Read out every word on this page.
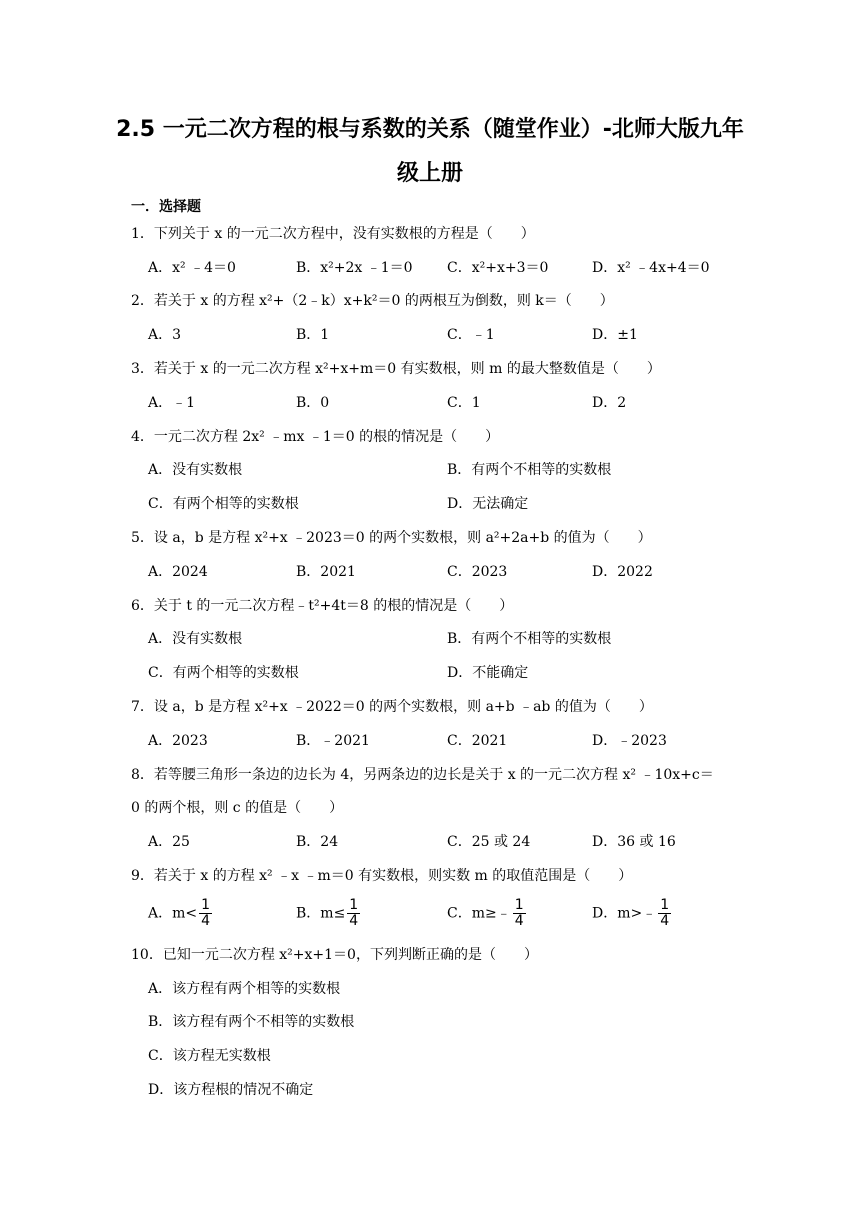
2.5 一元二次方程的根与系数的关系（随堂作业）-北师大版九年
级上册
一．选择题
1．下列关于 x 的一元二次方程中，没有实数根的方程是（　　）
A．x² ﹣4＝0	B．x²+2x ﹣1＝0 C．x²+x+3＝0	D．x² ﹣4x+4＝0
2．若关于 x 的方程 x²+（2﹣k）x+k²＝0 的两根互为倒数，则 k＝（　　）
A．3	B．1	C．﹣1	D．±1
3．若关于 x 的一元二次方程 x²+x+m＝0 有实数根，则 m 的最大整数值是（　　）
A．﹣1	B．0	C．1	D．2
4．一元二次方程 2x² ﹣mx ﹣1＝0 的根的情况是（　　）
A．没有实数根	B．有两个不相等的实数根
C．有两个相等的实数根	D．无法确定
5．设 a，b 是方程 x²+x ﹣2023＝0 的两个实数根，则 a²+2a+b 的值为（　　）
A．2024	B．2021	C．2023	D．2022
6．关于 t 的一元二次方程﹣t²+4t＝8 的根的情况是（　　）
A．没有实数根	B．有两个不相等的实数根
C．有两个相等的实数根	D．不能确定
7．设 a，b 是方程 x²+x ﹣2022＝0 的两个实数根，则 a+b ﹣ab 的值为（　　）
A．2023	B．﹣2021	C．2021	D．﹣2023
8．若等腰三角形一条边的边长为 4，另两条边的边长是关于 x 的一元二次方程 x² ﹣10x+c＝
0 的两个根，则 c 的值是（　　）
A．25	B．24	C．25 或 24	D．36 或 16
9．若关于 x 的方程 x² ﹣x ﹣m＝0 有实数根，则实数 m 的取值范围是（　　）
A．$m< \frac{1}{4}$	B．$m\le \frac{1}{4}$	C．m≥﹣ $\frac{1}{4}$	D．m>﹣ $\frac{1}{4}$
10．已知一元二次方程 x²+x+1＝0，下列判断正确的是（　　）
A．该方程有两个相等的实数根
B．该方程有两个不相等的实数根
C．该方程无实数根
D．该方程根的情况不确定
